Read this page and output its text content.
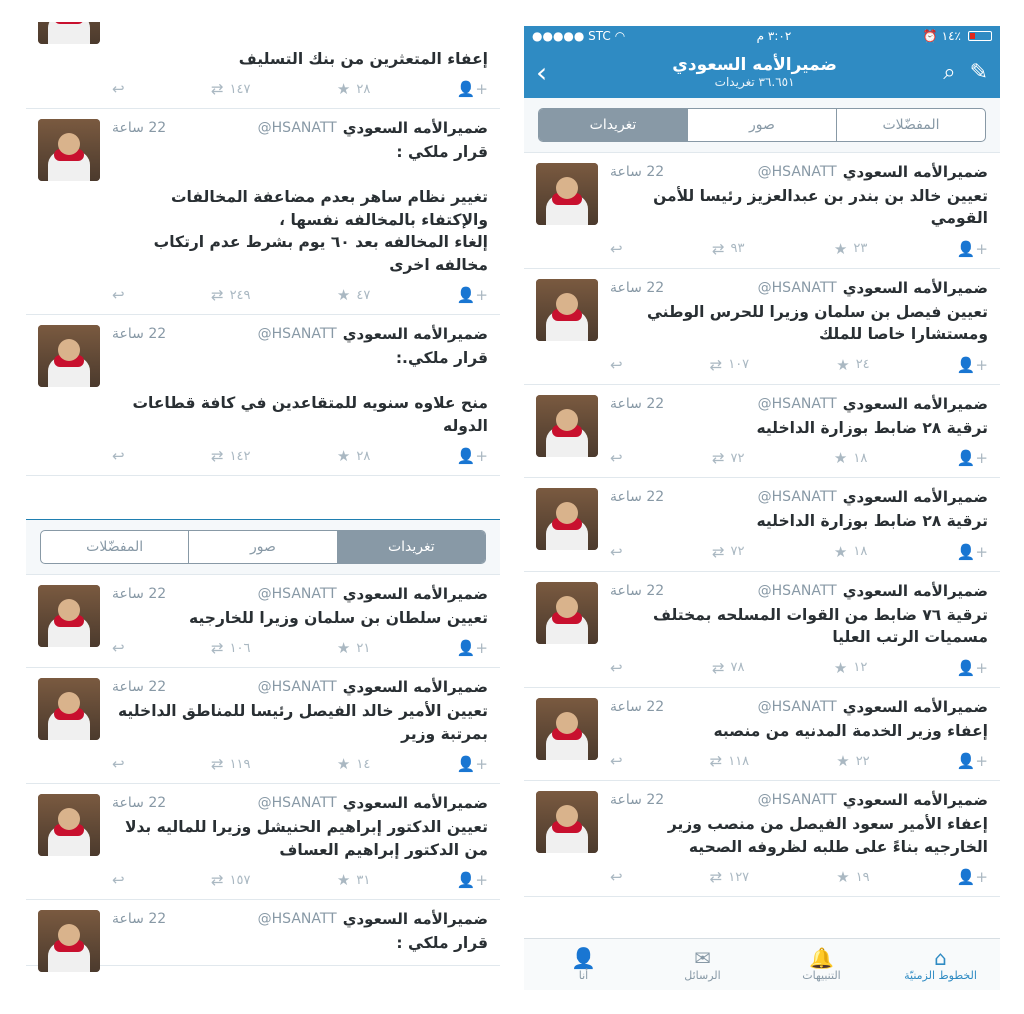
إعفاء المتعثرين من بنك التسليف
↩	⇄ ١٤٧	★ ٢٨	👤+
ضميرالأمه السعودي
@HSANATT
22 ساعة
قرار ملكي :

تغيير نظام ساهر بعدم مضاعفة المخالفات والإكتفاء بالمخالفه نفسها ،
إلغاء المخالفه بعد ٦٠ يوم بشرط عدم ارتكاب مخالفه اخرى
↩	⇄ ٢٤٩	★ ٤٧	👤+
ضميرالأمه السعودي
@HSANATT
22 ساعة
قرار ملكي.:

منح علاوه سنويه للمتقاعدين في كافة قطاعات الدوله
↩	⇄ ١٤٢	★ ٢٨	👤+
المفضّلات	صور	تغريدات
ضميرالأمه السعودي
@HSANATT
22 ساعة
تعيين سلطان بن سلمان وزيرا للخارجيه
↩	⇄ ١٠٦	★ ٢١	👤+
ضميرالأمه السعودي
@HSANATT
22 ساعة
تعيين الأمير خالد الفيصل رئيسا للمناطق الداخليه بمرتبة وزير
↩	⇄ ١١٩	★ ١٤	👤+
ضميرالأمه السعودي
@HSANATT
22 ساعة
تعيين الدكتور إبراهيم الحنيشل وزيرا للماليه بدلا من الدكتور إبراهيم العساف
↩	⇄ ١٥٧	★ ٣١	👤+
ضميرالأمه السعودي
@HSANATT
22 ساعة
قرار ملكي :
●●●●● STC ◠	٣:٠٢ م	⏰ ١٤٪
‹	ضميرالأمه السعودي
٣٦.٦٥١ تغريدات	⌕ ✎
تغريدات	صور	المفضّلات
ضميرالأمه السعودي
@HSANATT
22 ساعة
تعيين خالد بن بندر بن عبدالعزيز رئيسا للأمن القومي
↩	⇄ ٩٣	★ ٢٣	👤+
ضميرالأمه السعودي
@HSANATT
22 ساعة
تعيين فيصل بن سلمان وزيرا للحرس الوطني ومستشارا خاصا للملك
↩	⇄ ١٠٧	★ ٢٤	👤+
ضميرالأمه السعودي
@HSANATT
22 ساعة
ترقية ٢٨ ضابط بوزارة الداخليه
↩	⇄ ٧٢	★ ١٨	👤+
ضميرالأمه السعودي
@HSANATT
22 ساعة
ترقية ٢٨ ضابط بوزارة الداخليه
↩	⇄ ٧٢	★ ١٨	👤+
ضميرالأمه السعودي
@HSANATT
22 ساعة
ترقية ٧٦ ضابط من القوات المسلحه بمختلف مسميات الرتب العليا
↩	⇄ ٧٨	★ ١٢	👤+
ضميرالأمه السعودي
@HSANATT
22 ساعة
إعفاء وزير الخدمة المدنيه من منصبه
↩	⇄ ١١٨	★ ٢٢	👤+
ضميرالأمه السعودي
@HSANATT
22 ساعة
إعفاء الأمير سعود الفيصل من منصب وزير الخارجيه بناءً على طلبه لظروفه الصحيه
↩	⇄ ١٢٧	★ ١٩	👤+
⌂
الخطوط الزمنيّة
🔔
التنبيهات
✉
الرسائل
👤
أنا
